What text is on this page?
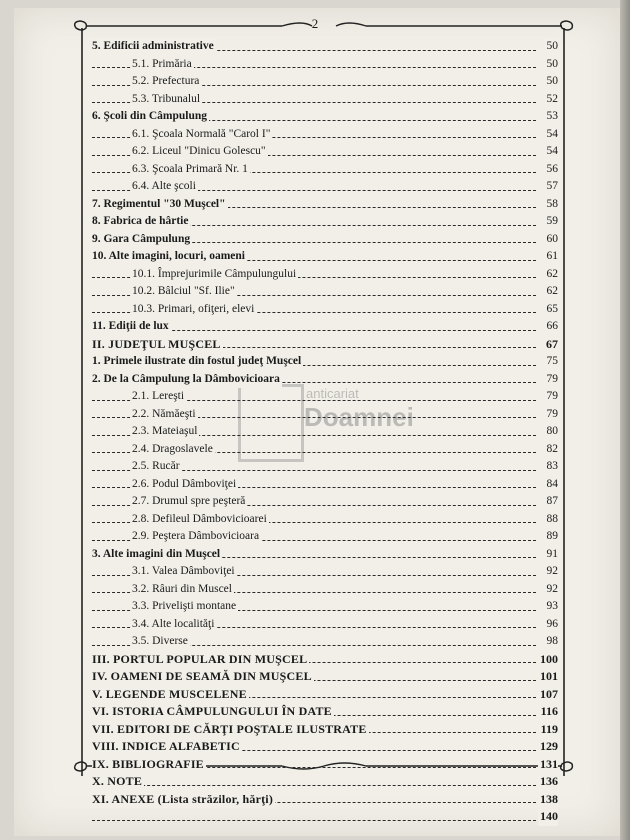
2
anticariat
Doamnei
5. Edificii administrative	50
5.1. Primăria	50
5.2. Prefectura	50
5.3. Tribunalul	52
6. Şcoli din Câmpulung	53
6.1. Şcoala Normală "Carol I"	54
6.2. Liceul "Dinicu Golescu"	54
6.3. Şcoala Primară Nr. 1	56
6.4. Alte şcoli	57
7. Regimentul "30 Muşcel"	58
8. Fabrica de hârtie	59
9. Gara Câmpulung	60
10. Alte imagini, locuri, oameni	61
10.1. Împrejurimile Câmpulungului	62
10.2. Bâlciul "Sf. Ilie"	62
10.3. Primari, ofiţeri, elevi	65
11. Ediţii de lux	66
II. JUDEŢUL MUŞCEL	67
1. Primele ilustrate din fostul judeţ Muşcel	75
2. De la Câmpulung la Dâmbovicioara	79
2.1. Lereşti	79
2.2. Nămăeşti	79
2.3. Mateiaşul	80
2.4. Dragoslavele	82
2.5. Rucăr	83
2.6. Podul Dâmboviţei	84
2.7. Drumul spre peşteră	87
2.8. Defileul Dâmbovicioarei	88
2.9. Peştera Dâmbovicioara	89
3. Alte imagini din Muşcel	91
3.1. Valea Dâmboviţei	92
3.2. Râuri din Muscel	92
3.3. Privelişti montane	93
3.4. Alte localităţi	96
3.5. Diverse	98
III. PORTUL POPULAR DIN MUŞCEL	100
IV. OAMENI DE SEAMĂ DIN MUŞCEL	101
V. LEGENDE MUSCELENE	107
VI. ISTORIA CÂMPULUNGULUI ÎN DATE	116
VII. EDITORI DE CĂRŢI POŞTALE ILUSTRATE	119
VIII. INDICE ALFABETIC	129
IX. BIBLIOGRAFIE	131
X. NOTE	136
XI. ANEXE (Lista străzilor, hărţi)	138
140
